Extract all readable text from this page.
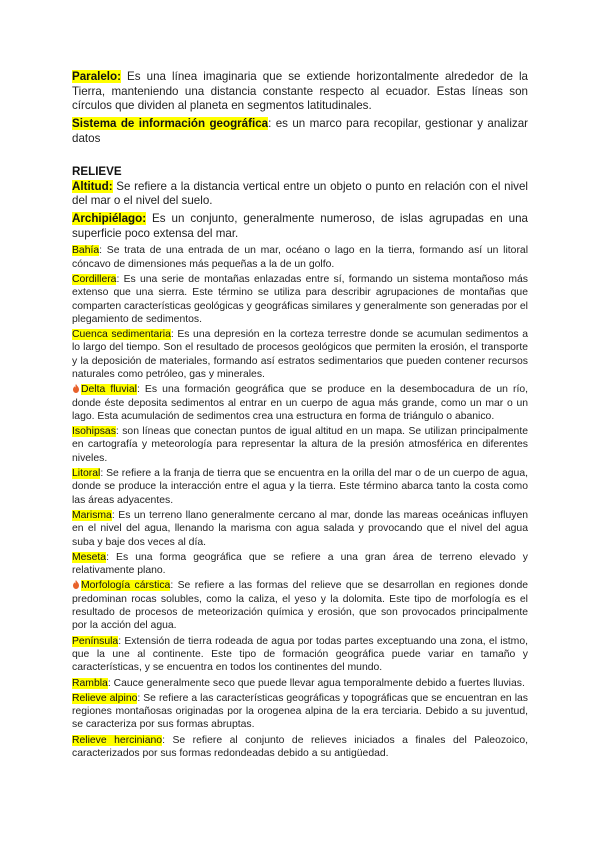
Paralelo: Es una línea imaginaria que se extiende horizontalmente alrededor de la Tierra, manteniendo una distancia constante respecto al ecuador. Estas líneas son círculos que dividen al planeta en segmentos latitudinales.

Sistema de información geográfica: es un marco para recopilar, gestionar y analizar datos

RELIEVE

Altitud: Se refiere a la distancia vertical entre un objeto o punto en relación con el nivel del mar o el nivel del suelo.

Archipiélago: Es un conjunto, generalmente numeroso, de islas agrupadas en una superficie poco extensa del mar.

Bahía: Se trata de una entrada de un mar, océano o lago en la tierra, formando así un litoral cóncavo de dimensiones más pequeñas a la de un golfo.

Cordillera: Es una serie de montañas enlazadas entre sí, formando un sistema montañoso más extenso que una sierra. Este término se utiliza para describir agrupaciones de montañas que comparten características geológicas y geográficas similares y generalmente son generadas por el plegamiento de sedimentos.

Cuenca sedimentaria: Es una depresión en la corteza terrestre donde se acumulan sedimentos a lo largo del tiempo. Son el resultado de procesos geológicos que permiten la erosión, el transporte y la deposición de materiales, formando así estratos sedimentarios que pueden contener recursos naturales como petróleo, gas y minerales.

Delta fluvial: Es una formación geográfica que se produce en la desembocadura de un río, donde éste deposita sedimentos al entrar en un cuerpo de agua más grande, como un mar o un lago. Esta acumulación de sedimentos crea una estructura en forma de triángulo o abanico.

Isohipsas: son líneas que conectan puntos de igual altitud en un mapa. Se utilizan principalmente en cartografía y meteorología para representar la altura de la presión atmosférica en diferentes niveles.

Litoral: Se refiere a la franja de tierra que se encuentra en la orilla del mar o de un cuerpo de agua, donde se produce la interacción entre el agua y la tierra. Este término abarca tanto la costa como las áreas adyacentes.

Marisma: Es un terreno llano generalmente cercano al mar, donde las mareas oceánicas influyen en el nivel del agua, llenando la marisma con agua salada y provocando que el nivel del agua suba y baje dos veces al día.

Meseta: Es una forma geográfica que se refiere a una gran área de terreno elevado y relativamente plano.

Morfología cárstica: Se refiere a las formas del relieve que se desarrollan en regiones donde predominan rocas solubles, como la caliza, el yeso y la dolomita. Este tipo de morfología es el resultado de procesos de meteorización química y erosión, que son provocados principalmente por la acción del agua.

Península: Extensión de tierra rodeada de agua por todas partes exceptuando una zona, el istmo, que la une al continente. Este tipo de formación geográfica puede variar en tamaño y características, y se encuentra en todos los continentes del mundo.

Rambla: Cauce generalmente seco que puede llevar agua temporalmente debido a fuertes lluvias.

Relieve alpino: Se refiere a las características geográficas y topográficas que se encuentran en las regiones montañosas originadas por la orogenea alpina de la era terciaria. Debido a su juventud, se caracteriza por sus formas abruptas.

Relieve herciniano: Se refiere al conjunto de relieves iniciados a finales del Paleozoico, caracterizados por sus formas redondeadas debido a su antigüedad.
